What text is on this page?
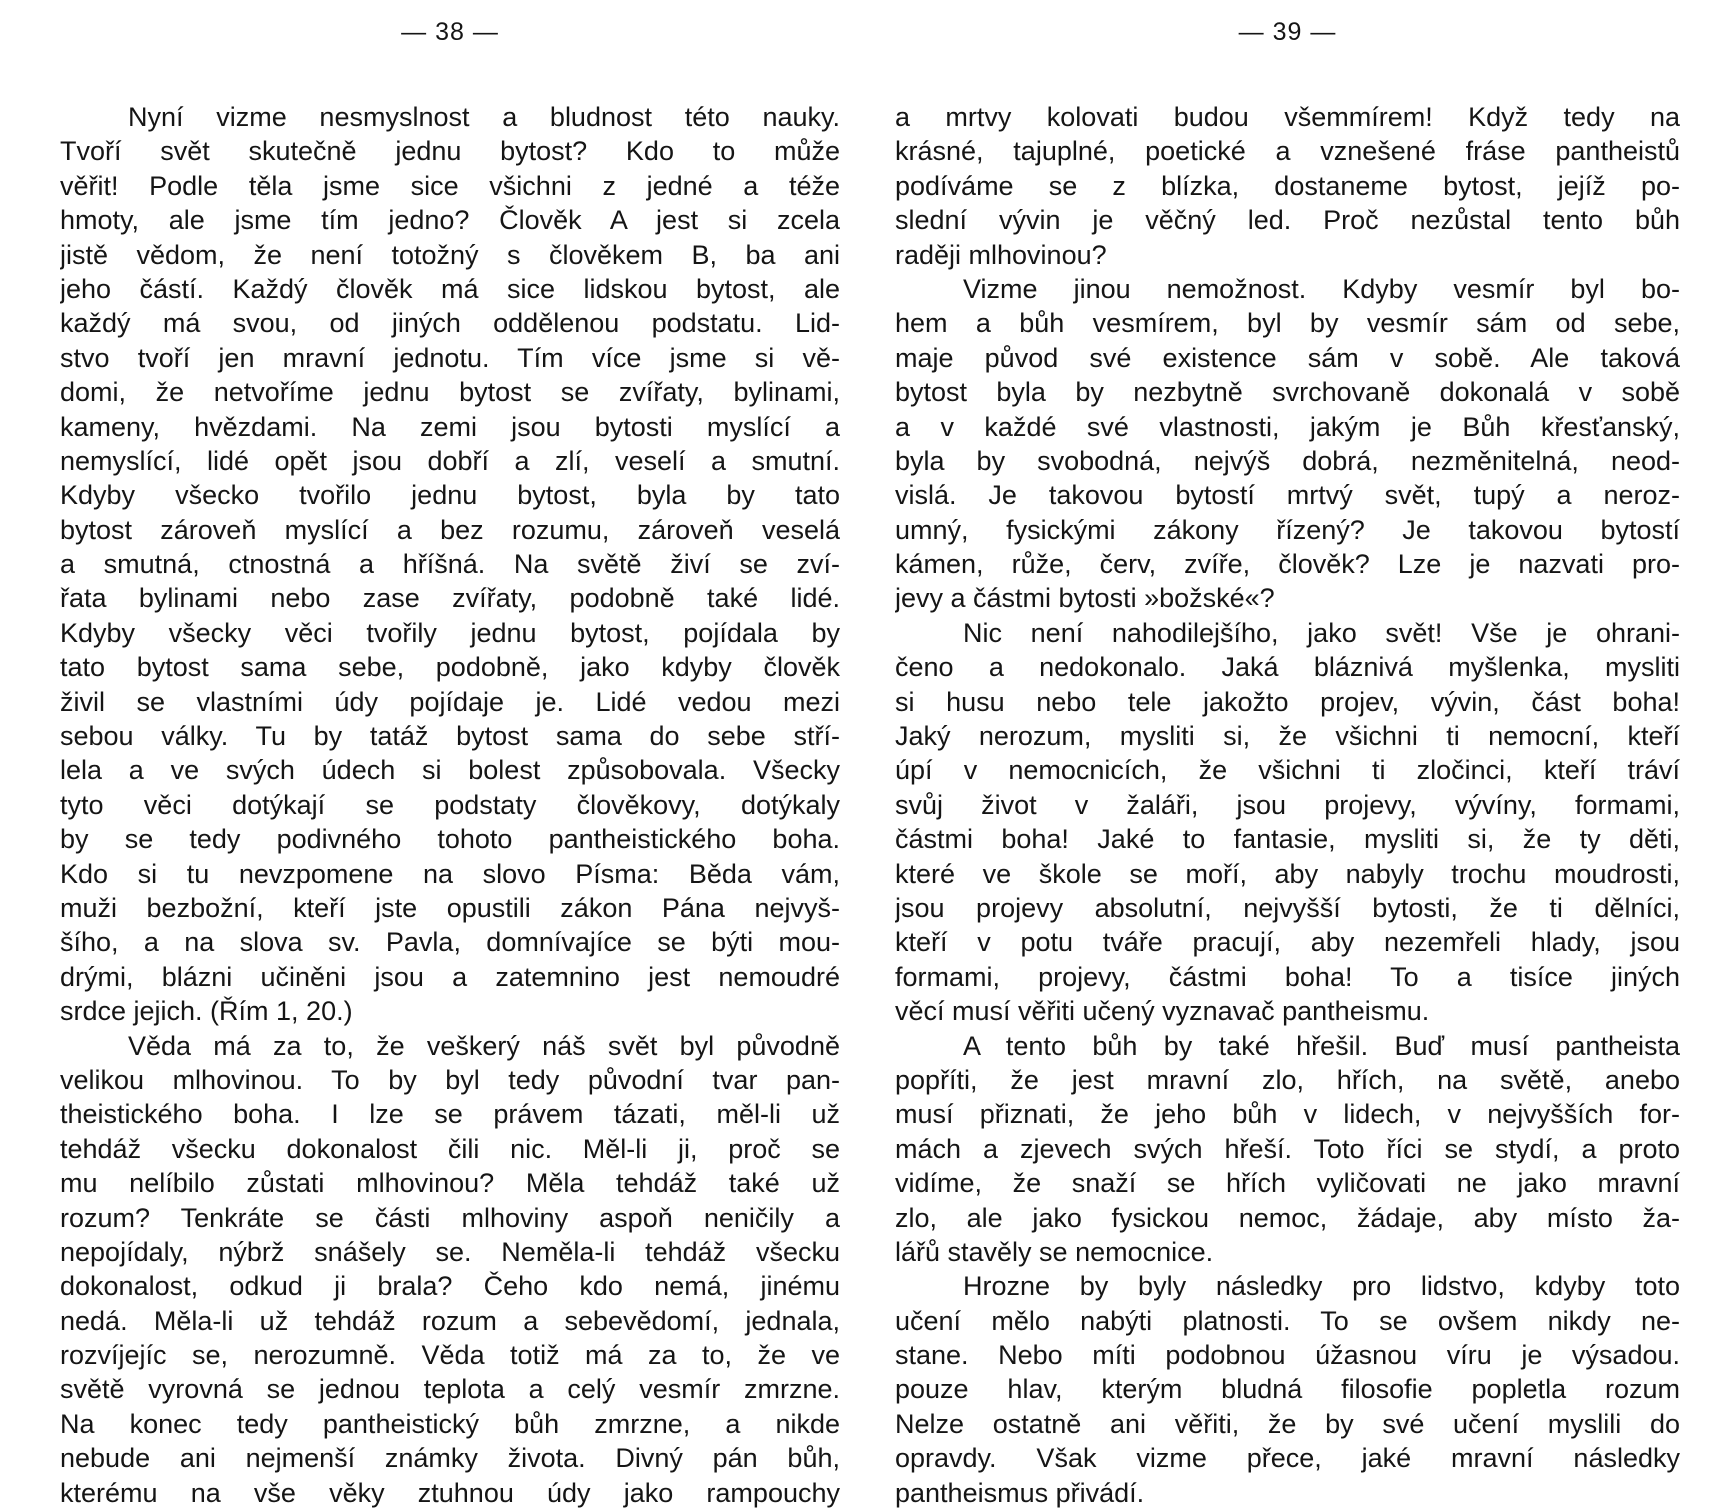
— 38 —
Nyní vizme nesmyslnost a bludnost této nauky.
Tvoří svět skutečně jednu bytost? Kdo to může
věřit! Podle těla jsme sice všichni z jedné a téže
hmoty, ale jsme tím jedno? Člověk A jest si zcela
jistě vědom, že není totožný s člověkem B, ba ani
jeho částí. Každý člověk má sice lidskou bytost, ale
každý má svou, od jiných oddělenou podstatu. Lid-
stvo tvoří jen mravní jednotu. Tím více jsme si vě-
domi, že netvoříme jednu bytost se zvířaty, bylinami,
kameny, hvězdami. Na zemi jsou bytosti myslící a
nemyslící, lidé opět jsou dobří a zlí, veselí a smutní.
Kdyby všecko tvořilo jednu bytost, byla by tato
bytost zároveň myslící a bez rozumu, zároveň veselá
a smutná, ctnostná a hříšná. Na světě živí se zví-
řata bylinami nebo zase zvířaty, podobně také lidé.
Kdyby všecky věci tvořily jednu bytost, pojídala by
tato bytost sama sebe, podobně, jako kdyby člověk
živil se vlastními údy pojídaje je. Lidé vedou mezi
sebou války. Tu by tatáž bytost sama do sebe stří-
lela a ve svých údech si bolest způsobovala. Všecky
tyto věci dotýkají se podstaty člověkovy, dotýkaly
by se tedy podivného tohoto pantheistického boha.
Kdo si tu nevzpomene na slovo Písma: Běda vám,
muži bezbožní, kteří jste opustili zákon Pána nejvyš-
šího, a na slova sv. Pavla, domnívajíce se býti mou-
drými, blázni učiněni jsou a zatemnino jest nemoudré
srdce jejich. (Řím 1, 20.)
Věda má za to, že veškerý náš svět byl původně
velikou mlhovinou. To by byl tedy původní tvar pan-
theistického boha. I lze se právem tázati, měl-li už
tehdáž všecku dokonalost čili nic. Měl-li ji, proč se
mu nelíbilo zůstati mlhovinou? Měla tehdáž také už
rozum? Tenkráte se části mlhoviny aspoň neničily a
nepojídaly, nýbrž snášely se. Neměla-li tehdáž všecku
dokonalost, odkud ji brala? Čeho kdo nemá, jinému
nedá. Měla-li už tehdáž rozum a sebevědomí, jednala,
rozvíjejíc se, nerozumně. Věda totiž má za to, že ve
světě vyrovná se jednou teplota a celý vesmír zmrzne.
Na konec tedy pantheistický bůh zmrzne, a nikde
nebude ani nejmenší známky života. Divný pán bůh,
kterému na vše věky ztuhnou údy jako rampouchy
— 39 —
a mrtvy kolovati budou všemmírem! Když tedy na
krásné, tajuplné, poetické a vznešené fráse pantheistů
podíváme se z blízka, dostaneme bytost, jejíž po-
slední vývin je věčný led. Proč nezůstal tento bůh
raději mlhovinou?
Vizme jinou nemožnost. Kdyby vesmír byl bo-
hem a bůh vesmírem, byl by vesmír sám od sebe,
maje původ své existence sám v sobě. Ale taková
bytost byla by nezbytně svrchovaně dokonalá v sobě
a v každé své vlastnosti, jakým je Bůh křesťanský,
byla by svobodná, nejvýš dobrá, nezměnitelná, neod-
vislá. Je takovou bytostí mrtvý svět, tupý a neroz-
umný, fysickými zákony řízený? Je takovou bytostí
kámen, růže, červ, zvíře, člověk? Lze je nazvati pro-
jevy a částmi bytosti »božské«?
Nic není nahodilejšího, jako svět! Vše je ohrani-
čeno a nedokonalo. Jaká bláznivá myšlenka, mysliti
si husu nebo tele jakožto projev, vývin, část boha!
Jaký nerozum, mysliti si, že všichni ti nemocní, kteří
úpí v nemocnicích, že všichni ti zločinci, kteří tráví
svůj život v žaláři, jsou projevy, vývíny, formami,
částmi boha! Jaké to fantasie, mysliti si, že ty děti,
které ve škole se moří, aby nabyly trochu moudrosti,
jsou projevy absolutní, nejvyšší bytosti, že ti dělníci,
kteří v potu tváře pracují, aby nezemřeli hlady, jsou
formami, projevy, částmi boha! To a tisíce jiných
věcí musí věřiti učený vyznavač pantheismu.
A tento bůh by také hřešil. Buď musí pantheista
popříti, že jest mravní zlo, hřích, na světě, anebo
musí přiznati, že jeho bůh v lidech, v nejvyšších for-
mách a zjevech svých hřeší. Toto říci se stydí, a proto
vidíme, že snaží se hřích vyličovati ne jako mravní
zlo, ale jako fysickou nemoc, žádaje, aby místo ža-
lářů stavěly se nemocnice.
Hrozne by byly následky pro lidstvo, kdyby toto
učení mělo nabýti platnosti. To se ovšem nikdy ne-
stane. Nebo míti podobnou úžasnou víru je výsadou.
pouze hlav, kterým bludná filosofie popletla rozum
Nelze ostatně ani věřiti, že by své učení myslili do
opravdy. Však vizme přece, jaké mravní následky
pantheismus přivádí.
